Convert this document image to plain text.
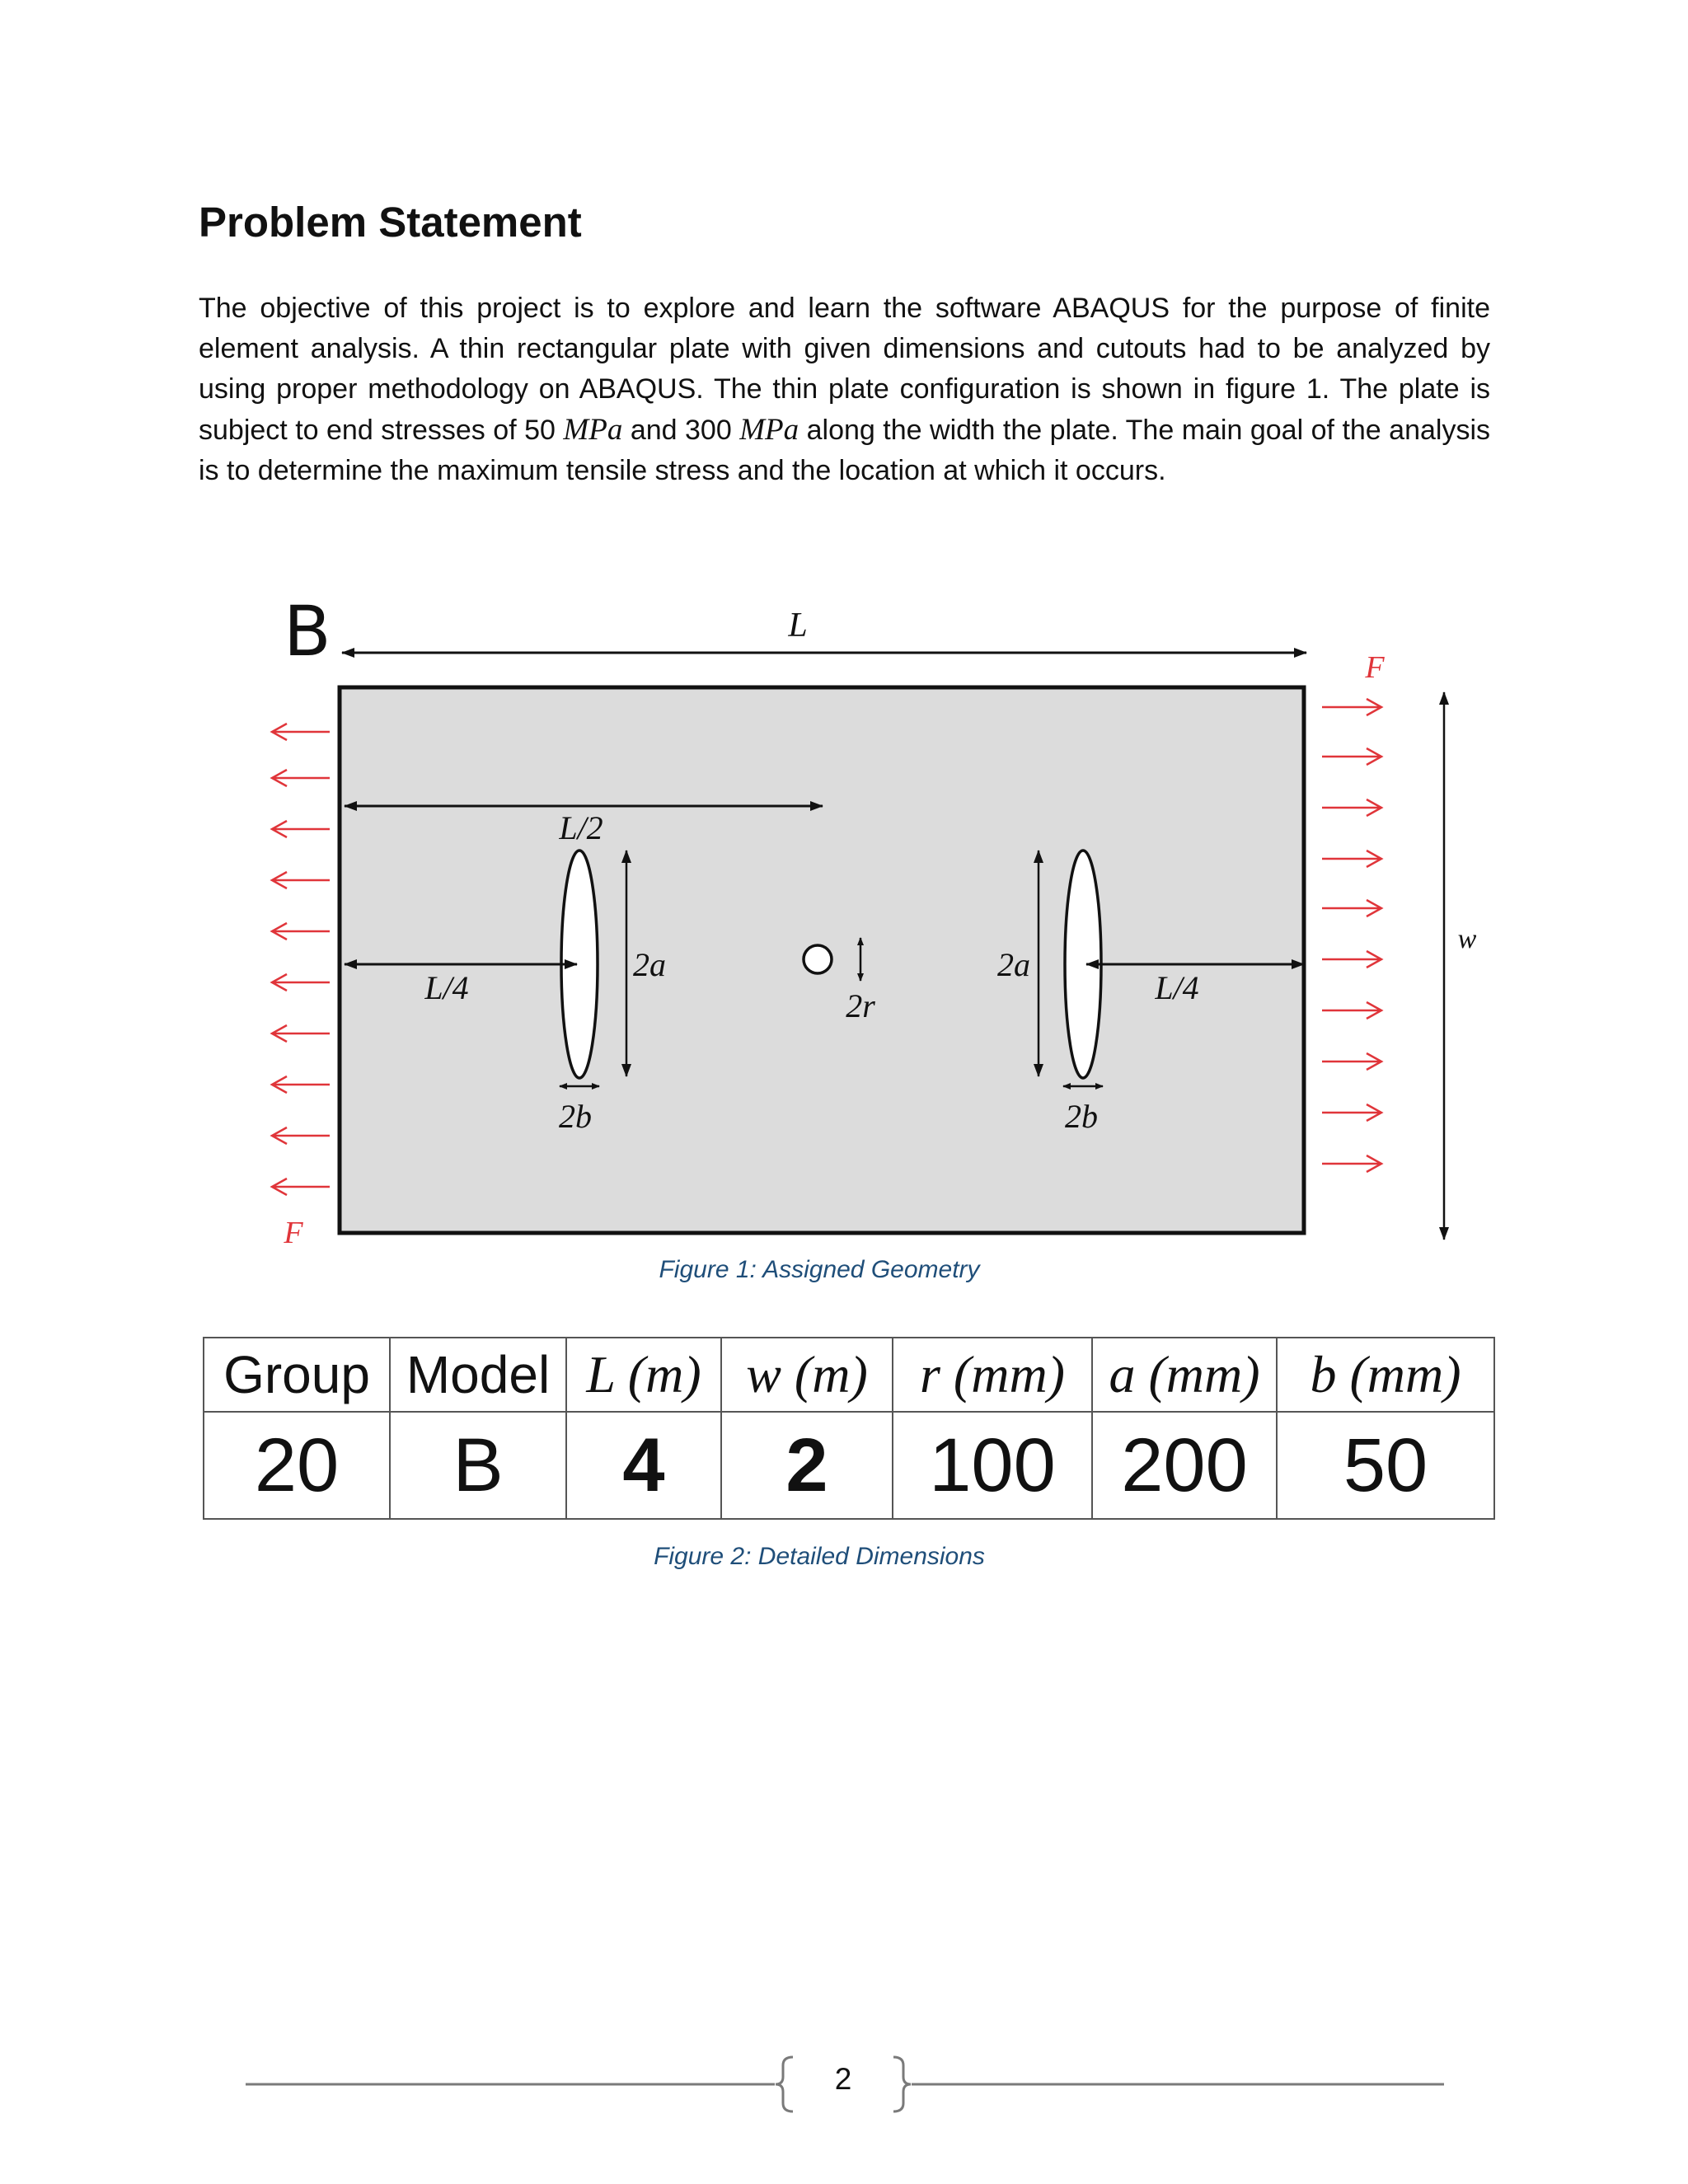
Problem Statement

The objective of this project is to explore and learn the software ABAQUS for the purpose of finite element analysis. A thin rectangular plate with given dimensions and cutouts had to be analyzed by using proper methodology on ABAQUS. The thin plate configuration is shown in figure 1. The plate is subject to end stresses of 50 MPa and 300 MPa along the width the plate. The main goal of the analysis is to determine the maximum tensile stress and the location at which it occurs.

B	L
F
F
w
L/2
L/4
2a
2b
2r	L/4
2a
2b
Figure 1: Assigned Geometry
Group	Model	L (m)	w (m)	r (mm)	a (mm)	b (mm)
20	B	4	2	100	200	50
Figure 2: Detailed Dimensions
2
